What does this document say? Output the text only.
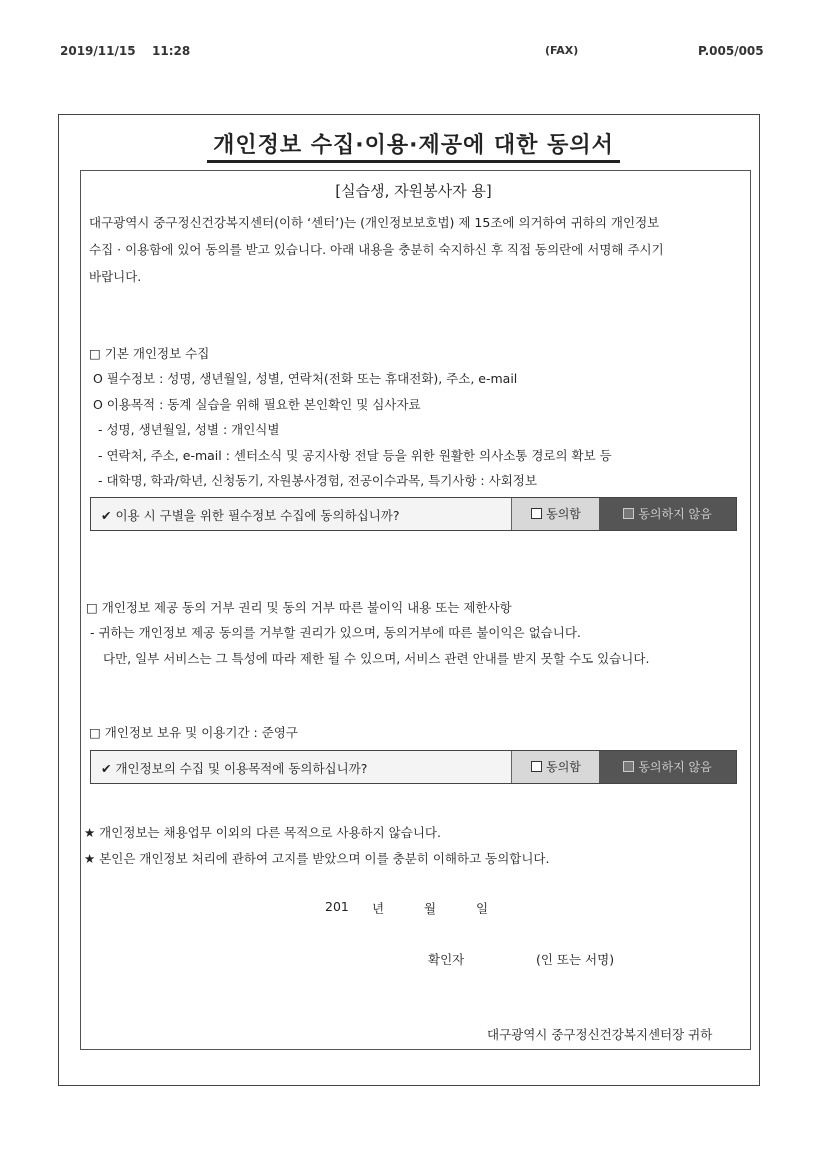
2019/11/15 11:28	(FAX)	P.005/005
개인정보 수집·이용·제공에 대한 동의서
[실습생, 자원봉사자 용]
대구광역시 중구정신건강복지센터(이하 ‘센터’)는 (개인정보보호법) 제 15조에 의거하여 귀하의 개인정보
수집 · 이용함에 있어 동의를 받고 있습니다. 아래 내용을 충분히 숙지하신 후 직접 동의란에 서명해 주시기
바랍니다.
□ 기본 개인정보 수집
O 필수정보 : 성명, 생년월일, 성별, 연락처(전화 또는 휴대전화), 주소, e-mail
O 이용목적 : 동계 실습을 위해 필요한 본인확인 및 심사자료
- 성명, 생년월일, 성별 : 개인식별
- 연락처, 주소, e-mail : 센터소식 및 공지사항 전달 등을 위한 원활한 의사소통 경로의 확보 등
- 대학명, 학과/학년, 신청동기, 자원봉사경험, 전공이수과목, 특기사항 : 사회정보
✔ 이용 시 구별을 위한 필수정보 수집에 동의하십니까?	동의함	동의하지 않음
□ 개인정보 제공 동의 거부 권리 및 동의 거부 따른 불이익 내용 또는 제한사항
- 귀하는 개인정보 제공 동의를 거부할 권리가 있으며, 동의거부에 따른 불이익은 없습니다.
다만, 일부 서비스는 그 특성에 따라 제한 될 수 있으며, 서비스 관련 안내를 받지 못할 수도 있습니다.
□ 개인정보 보유 및 이용기간 : 준영구
✔ 개인정보의 수집 및 이용목적에 동의하십니까?	동의함	동의하지 않음
★ 개인정보는 채용업무 이외의 다른 목적으로 사용하지 않습니다.
★ 본인은 개인정보 처리에 관하여 고지를 받았으며 이를 충분히 이해하고 동의합니다.
201 년	월	일
확인자	(인 또는 서명)
대구광역시 중구정신건강복지센터장 귀하
